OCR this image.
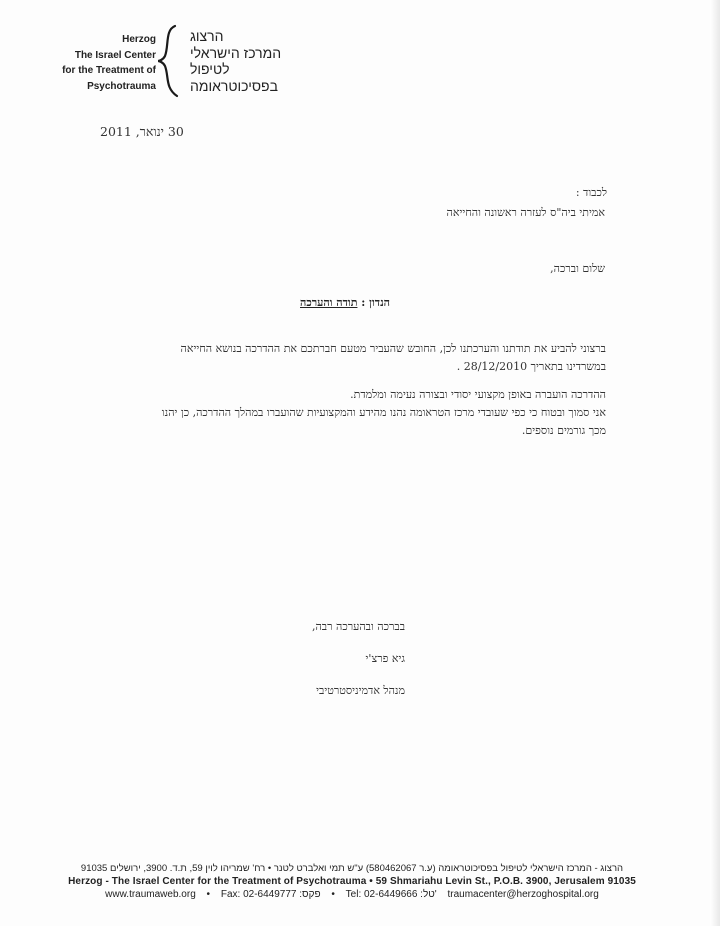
Herzog
The Israel Center
for the Treatment of
Psychotrauma
הרצוג
המרכז הישראלי
לטיפול
בפסיכוטראומה
30 ינואר, 2011
לכבוד :
אמיתי ביה"ס לעזרה ראשונה והחייאה
שלום וברכה,
הנדון : תודה והערכה
ברצוני להביע את תודתנו והערכתנו לכן, החובש שהעביר מטעם חברתכם את ההדרכה בנושא החייאה
במשרדינו בתאריך 28/12/2010 .
ההדרכה הועברה באופן מקצועי יסודי ובצורה נעימה ומלמדת.
אני סמוך ובטוח כי כפי שעובדי מרכז הטראומה נהנו מהידע והמקצועיות שהועברו במהלך ההדרכה, כן יהנו
מכך גורמים נוספים.
בברכה ובהערכה רבה,
גיא פרצ'י
מנהל אדמיניסטרטיבי
הרצוג - המרכז הישראלי לטיפול בפסיכוטראומה (ע.ר 580462067) ע"ש תמי ואלברט לטנר • רח' שמריהו לוין 59, ת.ד. 3900, ירושלים 91035
Herzog - The Israel Center for the Treatment of Psychotrauma • 59 Shmariahu Levin St., P.O.B. 3900, Jerusalem 91035
www.traumaweb.org • Fax: 02-6449777 :פקס • Tel: 02-6449666 :טל' traumacenter@herzoghospital.org
